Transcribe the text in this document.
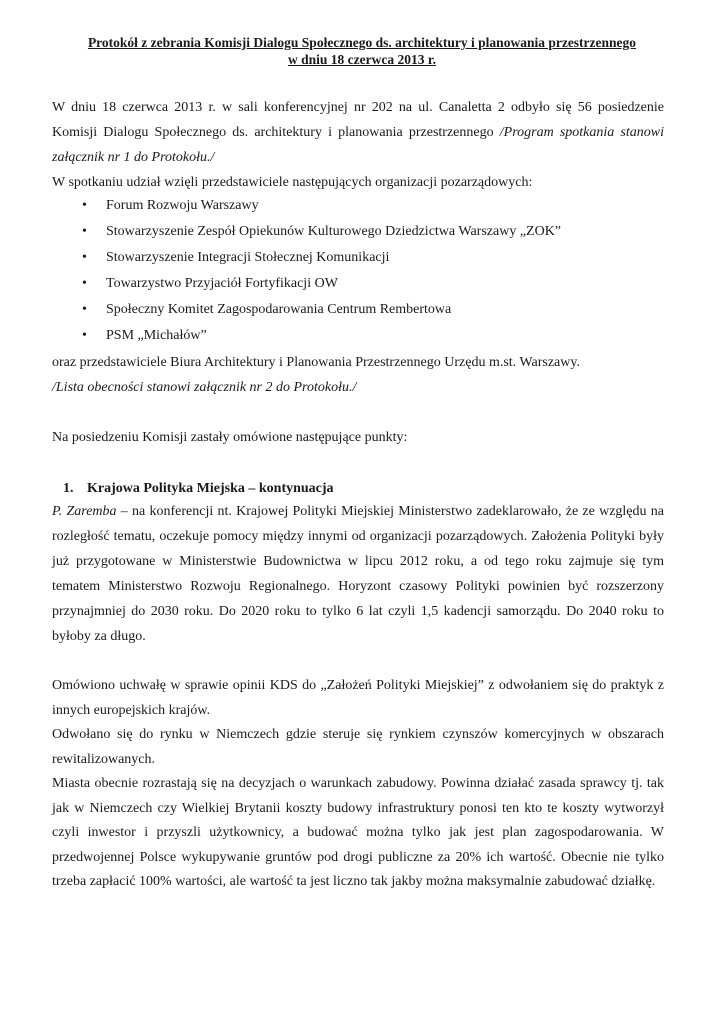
Protokół z zebrania Komisji Dialogu Społecznego ds. architektury i planowania przestrzennego
w dniu 18 czerwca 2013 r.
W dniu 18 czerwca 2013 r. w sali konferencyjnej nr 202 na ul. Canaletta 2 odbyło się 56 posiedzenie Komisji Dialogu Społecznego ds. architektury i planowania przestrzennego /Program spotkania stanowi załącznik nr 1 do Protokołu./
W spotkaniu udział wzięli przedstawiciele następujących organizacji pozarządowych:
• Forum Rozwoju Warszawy
• Stowarzyszenie Zespół Opiekunów Kulturowego Dziedzictwa Warszawy „ZOK”
• Stowarzyszenie Integracji Stołecznej Komunikacji
• Towarzystwo Przyjaciół Fortyfikacji OW
• Społeczny Komitet Zagospodarowania Centrum Rembertowa
• PSM „Michałów”
oraz przedstawiciele Biura Architektury i Planowania Przestrzennego Urzędu m.st. Warszawy.
/Lista obecności stanowi załącznik nr 2 do Protokołu./
Na posiedzeniu Komisji zastały omówione następujące punkty:
1. Krajowa Polityka Miejska – kontynuacja
P. Zaremba – na konferencji nt. Krajowej Polityki Miejskiej Ministerstwo zadeklarowało, że ze względu na rozległość tematu, oczekuje pomocy między innymi od organizacji pozarządowych. Założenia Polityki były już przygotowane w Ministerstwie Budownictwa w lipcu 2012 roku, a od tego roku zajmuje się tym tematem Ministerstwo Rozwoju Regionalnego. Horyzont czasowy Polityki powinien być rozszerzony przynajmniej do 2030 roku. Do 2020 roku to tylko 6 lat czyli 1,5 kadencji samorządu. Do 2040 roku to byłoby za długo.
Omówiono uchwałę w sprawie opinii KDS do „Założeń Polityki Miejskiej” z odwołaniem się do praktyk z innych europejskich krajów.
Odwołano się do rynku w Niemczech gdzie steruje się rynkiem czynszów komercyjnych w obszarach rewitalizowanych.
Miasta obecnie rozrastają się na decyzjach o warunkach zabudowy. Powinna działać zasada sprawcy tj. tak jak w Niemczech czy Wielkiej Brytanii koszty budowy infrastruktury ponosi ten kto te koszty wytworzył czyli inwestor i przyszli użytkownicy, a budować można tylko jak jest plan zagospodarowania. W przedwojennej Polsce wykupywanie gruntów pod drogi publiczne za 20% ich wartość. Obecnie nie tylko trzeba zapłacić 100% wartości, ale wartość ta jest liczno tak jakby można maksymalnie zabudować działkę.
